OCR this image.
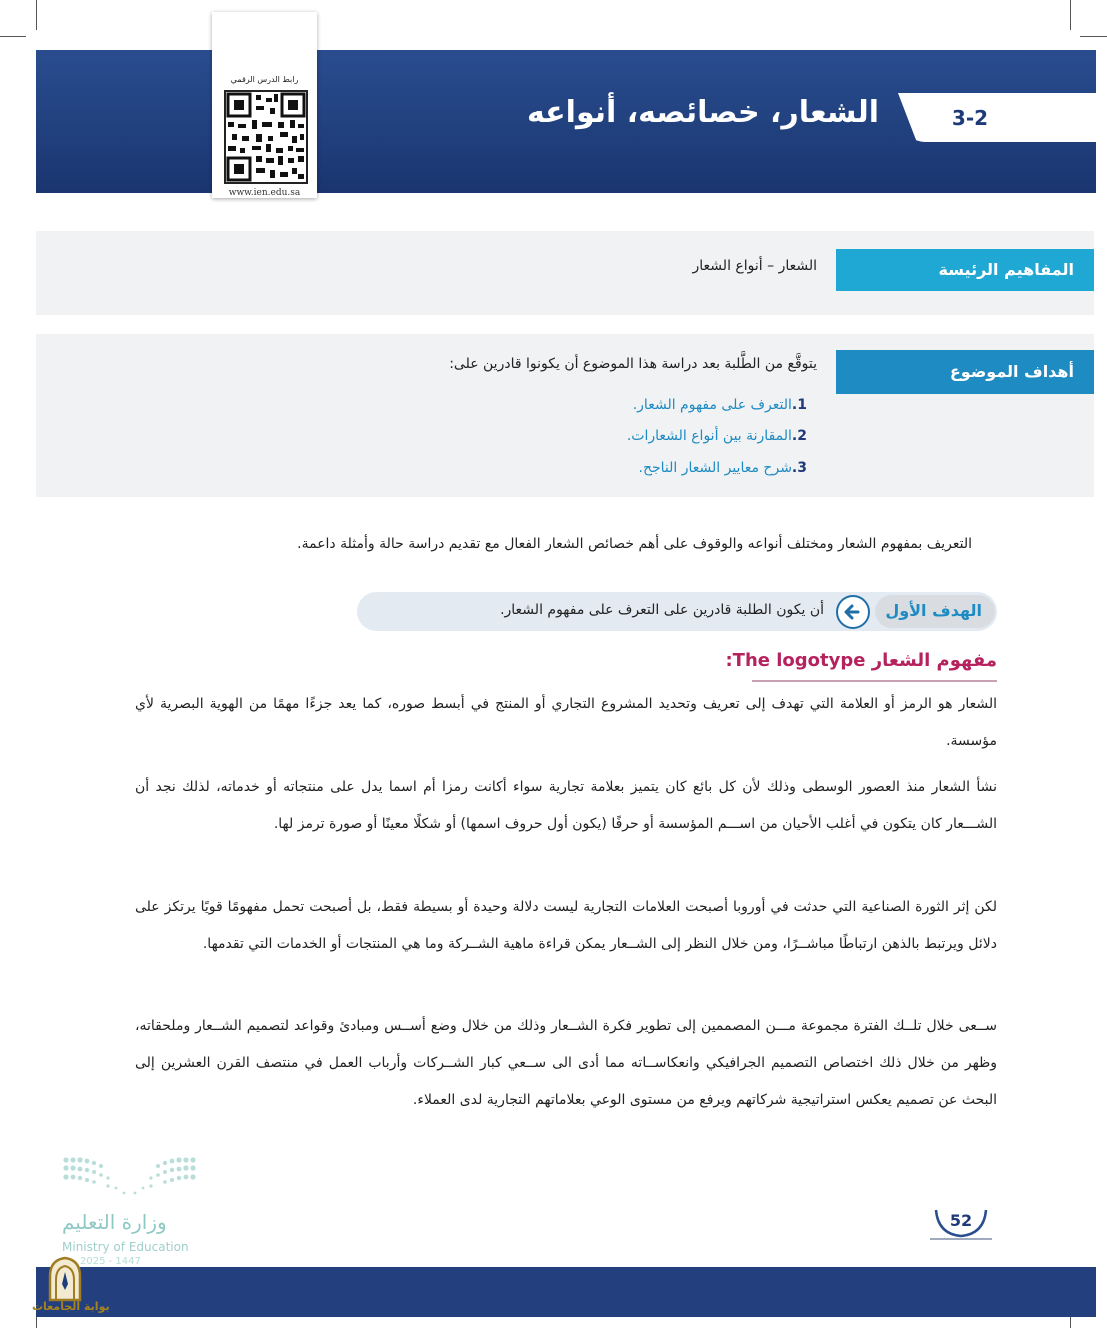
الشعار، خصائصه، أنواعه	3-2
رابط الدرس الرقمي
www.ien.edu.sa
المفاهيم الرئيسة
الشعار – أنواع الشعار
أهداف الموضوع
يتوقَّع من الطَّلبة بعد دراسة هذا الموضوع أن يكونوا قادرين على:
1.التعرف على مفهوم الشعار.
2.المقارنة بين أنواع الشعارات.
3.شرح معايير الشعار الناجح.
التعريف بمفهوم الشعار ومختلف أنواعه والوقوف على أهم خصائص الشعار الفعال مع تقديم دراسة حالة وأمثلة داعمة.
الهدف الأول
أن يكون الطلبة قادرين على التعرف على مفهوم الشعار.
مفهوم الشعار The logotype:
الشعار هو الرمز أو العلامة التي تهدف إلى تعريف وتحديد المشروع التجاري أو المنتج في أبسط صوره، كما يعد جزءًا مهمًا من الهوية البصرية لأي مؤسسة.
نشأ الشعار منذ العصور الوسطى وذلك لأن كل بائع كان يتميز بعلامة تجارية سواء أكانت رمزا أم اسما يدل على منتجاته أو خدماته، لذلك نجد أن الشـــعار كان يتكون في أغلب الأحيان من اســـم المؤسسة أو حرفًا (يكون أول حروف اسمها) أو شكلًا معينًا أو صورة ترمز لها.
لكن إثر الثورة الصناعية التي حدثت في أوروبا أصبحت العلامات التجارية ليست دلالة وحيدة أو بسيطة فقط، بل أصبحت تحمل مفهومًا قويًا يرتكز على دلائل ويرتبط بالذهن ارتباطًا مباشــرًا، ومن خلال النظر إلى الشــعار يمكن قراءة ماهية الشــركة وما هي المنتجات أو الخدمات التي تقدمها.
ســعى خلال تلــك الفترة مجموعة مـــن المصممين إلى تطوير فكرة الشــعار وذلك من خلال وضع أســس ومبادئ وقواعد لتصميم الشــعار وملحقاته، وظهر من خلال ذلك اختصاص التصميم الجرافيكي وانعكاســاته مما أدى الى ســعي كبار الشــركات وأرباب العمل في منتصف القرن العشرين إلى البحث عن تصميم يعكس استراتيجية شركاتهم ويرفع من مستوى الوعي بعلاماتهم التجارية لدى العملاء.
وزارة التعليم
Ministry of Education
2025 - 1447
52
بوابة الجامعات
